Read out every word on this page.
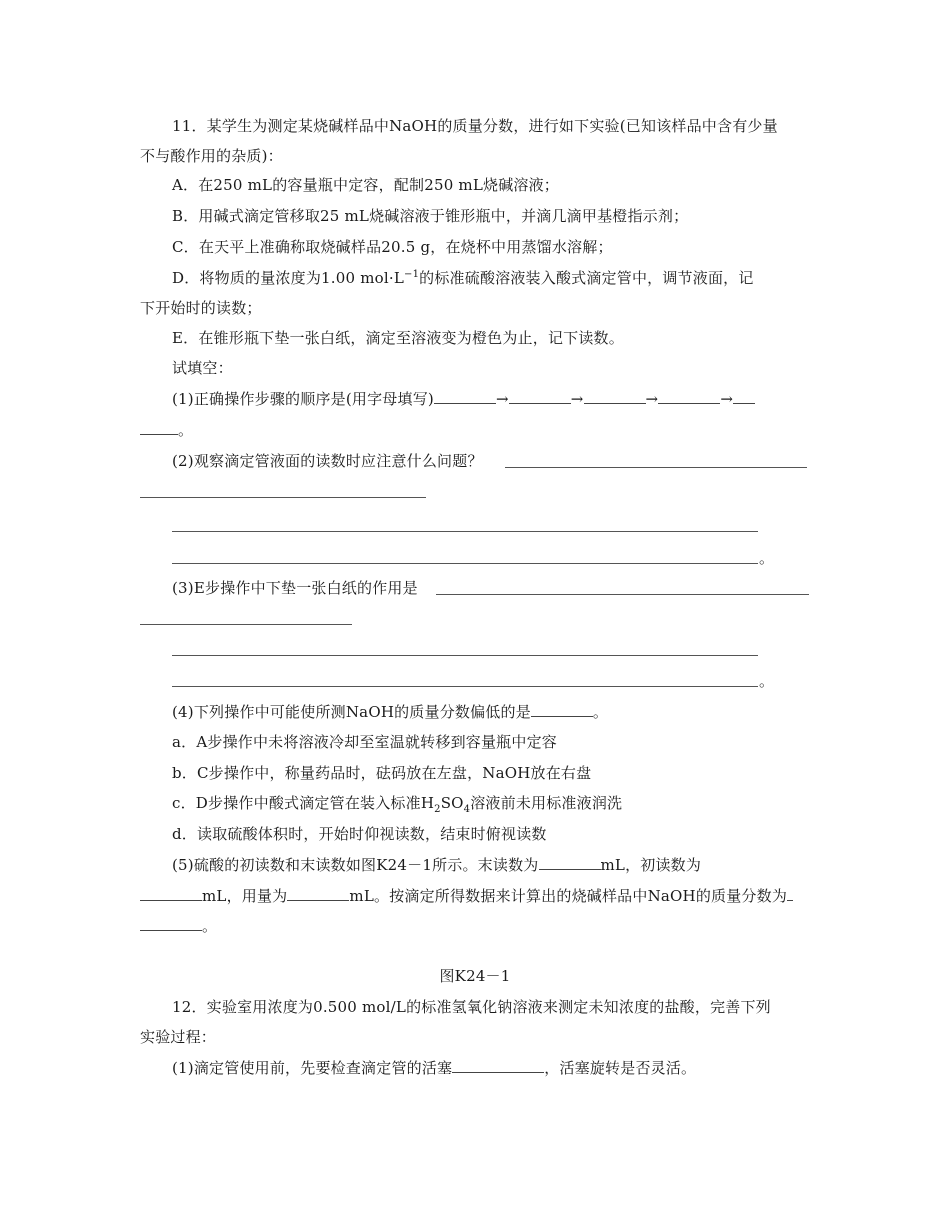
11．某学生为测定某烧碱样品中NaOH的质量分数，进行如下实验(已知该样品中含有少量
不与酸作用的杂质)：
A．在250 mL的容量瓶中定容，配制250 mL烧碱溶液；
B．用碱式滴定管移取25 mL烧碱溶液于锥形瓶中，并滴几滴甲基橙指示剂；
C．在天平上准确称取烧碱样品20.5 g，在烧杯中用蒸馏水溶解；
D．将物质的量浓度为1.00 $mol\cdot L^{-1}$的标准硫酸溶液装入酸式滴定管中，调节液面，记
下开始时的读数；
E．在锥形瓶下垫一张白纸，滴定至溶液变为橙色为止，记下读数。
试填空：
(1)正确操作步骤的顺序是(用字母填写)	→	→	→	→
。
(2)观察滴定管液面的读数时应注意什么问题？
。
(3)E步操作中下垫一张白纸的作用是
。
(4)下列操作中可能使所测NaOH的质量分数偏低的是	。
a．A步操作中未将溶液冷却至室温就转移到容量瓶中定容
b．C步操作中，称量药品时，砝码放在左盘，NaOH放在右盘
c．D步操作中酸式滴定管在装入标准$H_2SO_4$溶液前未用标准液润洗
d．读取硫酸体积时，开始时仰视读数，结束时俯视读数
(5)硫酸的初读数和末读数如图K24－1所示。末读数为	mL，初读数为
mL，用量为	mL。按滴定所得数据来计算出的烧碱样品中NaOH的质量分数为
。
图K24－1
12．实验室用浓度为0.500 mol/L的标准氢氧化钠溶液来测定未知浓度的盐酸，完善下列
实验过程：
(1)滴定管使用前，先要检查滴定管的活塞	，活塞旋转是否灵活。
